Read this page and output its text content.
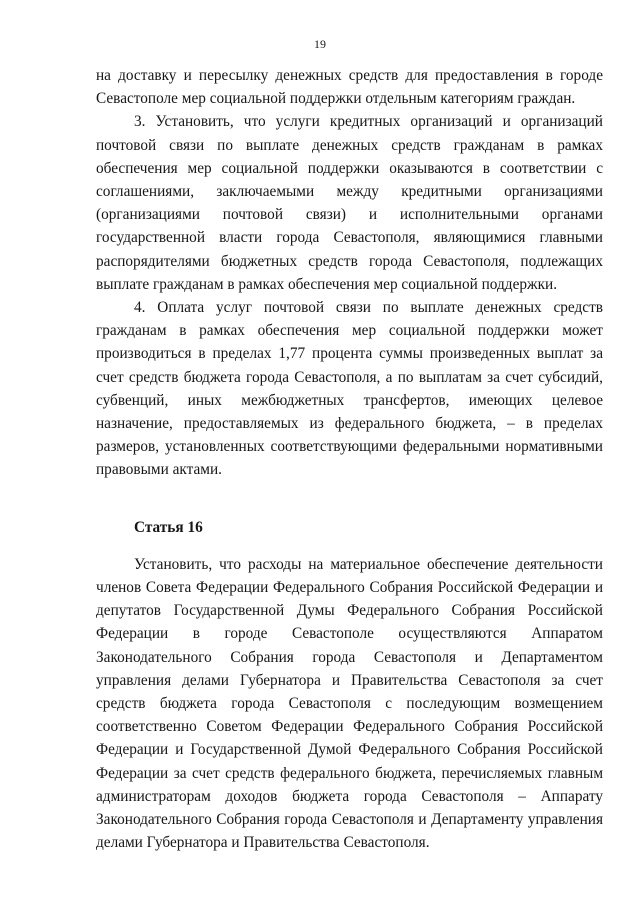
19

на доставку и пересылку денежных средств для предоставления в городе Севастополе мер социальной поддержки отдельным категориям граждан.

3. Установить, что услуги кредитных организаций и организаций почтовой связи по выплате денежных средств гражданам в рамках обеспечения мер социальной поддержки оказываются в соответствии с соглашениями, заключаемыми между кредитными организациями (организациями почтовой связи) и исполнительными органами государственной власти города Севастополя, являющимися главными распорядителями бюджетных средств города Севастополя, подлежащих выплате гражданам в рамках обеспечения мер социальной поддержки.

4. Оплата услуг почтовой связи по выплате денежных средств гражданам в рамках обеспечения мер социальной поддержки может производиться в пределах 1,77 процента суммы произведенных выплат за счет средств бюджета города Севастополя, а по выплатам за счет субсидий, субвенций, иных межбюджетных трансфертов, имеющих целевое назначение, предоставляемых из федерального бюджета, – в пределах размеров, установленных соответствующими федеральными нормативными правовыми актами.

Статья 16

Установить, что расходы на материальное обеспечение деятельности членов Совета Федерации Федерального Собрания Российской Федерации и депутатов Государственной Думы Федерального Собрания Российской Федерации в городе Севастополе осуществляются Аппаратом Законодательного Собрания города Севастополя и Департаментом управления делами Губернатора и Правительства Севастополя за счет средств бюджета города Севастополя с последующим возмещением соответственно Советом Федерации Федерального Собрания Российской Федерации и Государственной Думой Федерального Собрания Российской Федерации за счет средств федерального бюджета, перечисляемых главным администраторам доходов бюджета города Севастополя – Аппарату Законодательного Собрания города Севастополя и Департаменту управления делами Губернатора и Правительства Севастополя.
